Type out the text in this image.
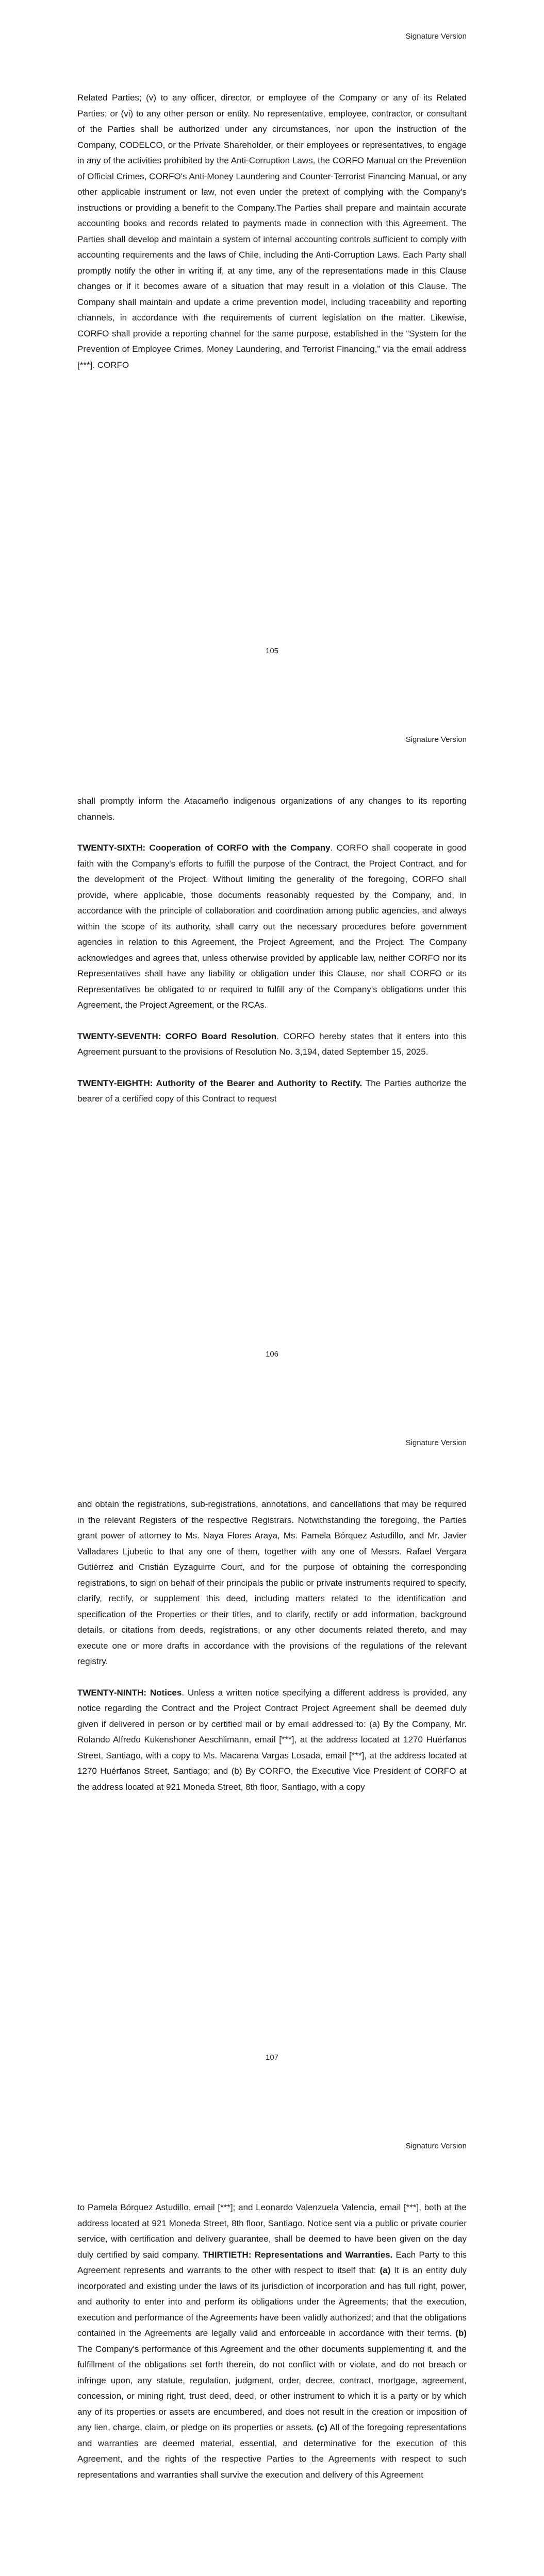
Signature Version

Related Parties; (v) to any officer, director, or employee of the Company or any of its Related Parties; or (vi) to any other person or entity. No representative, employee, contractor, or consultant of the Parties shall be authorized under any circumstances, nor upon the instruction of the Company, CODELCO, or the Private Shareholder, or their employees or representatives, to engage in any of the activities prohibited by the Anti-Corruption Laws, the CORFO Manual on the Prevention of Official Crimes, CORFO's Anti-Money Laundering and Counter-Terrorist Financing Manual, or any other applicable instrument or law, not even under the pretext of complying with the Company's instructions or providing a benefit to the Company.The Parties shall prepare and maintain accurate accounting books and records related to payments made in connection with this Agreement. The Parties shall develop and maintain a system of internal accounting controls sufficient to comply with accounting requirements and the laws of Chile, including the Anti-Corruption Laws. Each Party shall promptly notify the other in writing if, at any time, any of the representations made in this Clause changes or if it becomes aware of a situation that may result in a violation of this Clause. The Company shall maintain and update a crime prevention model, including traceability and reporting channels, in accordance with the requirements of current legislation on the matter. Likewise, CORFO shall provide a reporting channel for the same purpose, established in the “System for the Prevention of Employee Crimes, Money Laundering, and Terrorist Financing,” via the email address [***]. CORFO

105
Signature Version

shall promptly inform the Atacameño indigenous organizations of any changes to its reporting channels.

TWENTY-SIXTH: Cooperation of CORFO with the Company. CORFO shall cooperate in good faith with the Company's efforts to fulfill the purpose of the Contract, the Project Contract, and for the development of the Project. Without limiting the generality of the foregoing, CORFO shall provide, where applicable, those documents reasonably requested by the Company, and, in accordance with the principle of collaboration and coordination among public agencies, and always within the scope of its authority, shall carry out the necessary procedures before government agencies in relation to this Agreement, the Project Agreement, and the Project. The Company acknowledges and agrees that, unless otherwise provided by applicable law, neither CORFO nor its Representatives shall have any liability or obligation under this Clause, nor shall CORFO or its Representatives be obligated to or required to fulfill any of the Company's obligations under this Agreement, the Project Agreement, or the RCAs.

TWENTY-SEVENTH: CORFO Board Resolution. CORFO hereby states that it enters into this Agreement pursuant to the provisions of Resolution No. 3,194, dated September 15, 2025.

TWENTY-EIGHTH: Authority of the Bearer and Authority to Rectify. The Parties authorize the bearer of a certified copy of this Contract to request

106
Signature Version

and obtain the registrations, sub-registrations, annotations, and cancellations that may be required in the relevant Registers of the respective Registrars. Notwithstanding the foregoing, the Parties grant power of attorney to Ms. Naya Flores Araya, Ms. Pamela Bórquez Astudillo, and Mr. Javier Valladares Ljubetic to that any one of them, together with any one of Messrs. Rafael Vergara Gutiérrez and Cristián Eyzaguirre Court, and for the purpose of obtaining the corresponding registrations, to sign on behalf of their principals the public or private instruments required to specify, clarify, rectify, or supplement this deed, including matters related to the identification and specification of the Properties or their titles, and to clarify, rectify or add information, background details, or citations from deeds, registrations, or any other documents related thereto, and may execute one or more drafts in accordance with the provisions of the regulations of the relevant registry.

TWENTY-NINTH: Notices. Unless a written notice specifying a different address is provided, any notice regarding the Contract and the Project Contract Project Agreement shall be deemed duly given if delivered in person or by certified mail or by email addressed to: (a) By the Company, Mr. Rolando Alfredo Kukenshoner Aeschlimann, email [***], at the address located at 1270 Huérfanos Street, Santiago, with a copy to Ms. Macarena Vargas Losada, email [***], at the address located at 1270 Huérfanos Street, Santiago; and (b) By CORFO, the Executive Vice President of CORFO at the address located at 921 Moneda Street, 8th floor, Santiago, with a copy

107
Signature Version

to Pamela Bórquez Astudillo, email [***]; and Leonardo Valenzuela Valencia, email [***], both at the address located at 921 Moneda Street, 8th floor, Santiago. Notice sent via a public or private courier service, with certification and delivery guarantee, shall be deemed to have been given on the day duly certified by said company. THIRTIETH: Representations and Warranties. Each Party to this Agreement represents and warrants to the other with respect to itself that: (a) It is an entity duly incorporated and existing under the laws of its jurisdiction of incorporation and has full right, power, and authority to enter into and perform its obligations under the Agreements; that the execution, execution and performance of the Agreements have been validly authorized; and that the obligations contained in the Agreements are legally valid and enforceable in accordance with their terms. (b) The Company's performance of this Agreement and the other documents supplementing it, and the fulfillment of the obligations set forth therein, do not conflict with or violate, and do not breach or infringe upon, any statute, regulation, judgment, order, decree, contract, mortgage, agreement, concession, or mining right, trust deed, deed, or other instrument to which it is a party or by which any of its properties or assets are encumbered, and does not result in the creation or imposition of any lien, charge, claim, or pledge on its properties or assets. (c) All of the foregoing representations and warranties are deemed material, essential, and determinative for the execution of this Agreement, and the rights of the respective Parties to the Agreements with respect to such representations and warranties shall survive the execution and delivery of this Agreement
